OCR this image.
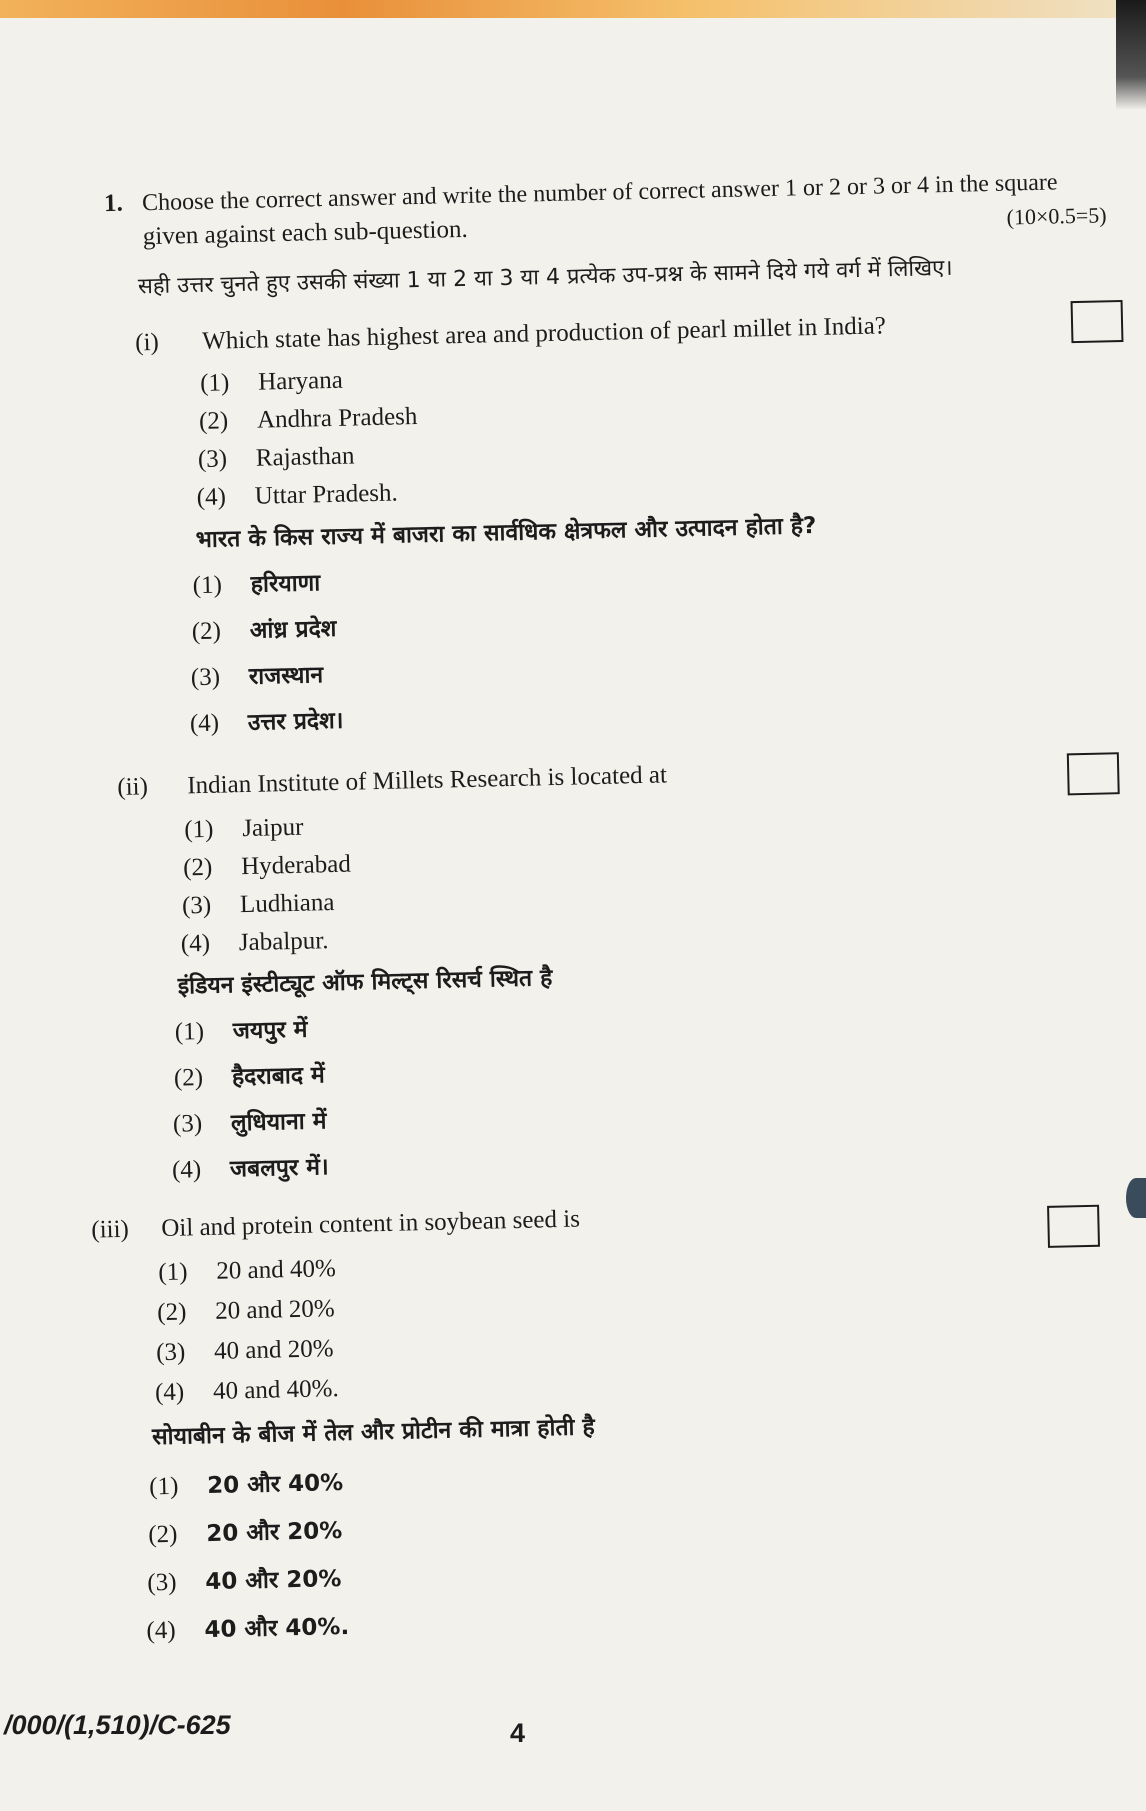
1. Choose the correct answer and write the number of correct answer 1 or 2 or 3 or 4 in the square
given against each sub-question.	(10×0.5=5)
सही उत्तर चुनते हुए उसकी संख्या 1 या 2 या 3 या 4 प्रत्येक उप-प्रश्न के सामने दिये गये वर्ग में लिखिए।
(i) Which state has highest area and production of pearl millet in India?
(1) Haryana
(2) Andhra Pradesh
(3) Rajasthan
(4) Uttar Pradesh.
भारत के किस राज्य में बाजरा का सार्वधिक क्षेत्रफल और उत्पादन होता है?
(1) हरियाणा
(2) आंध्र प्रदेश
(3) राजस्थान
(4) उत्तर प्रदेश।
(ii) Indian Institute of Millets Research is located at
(1) Jaipur
(2) Hyderabad
(3) Ludhiana
(4) Jabalpur.
इंडियन इंस्टीट्यूट ऑफ मिल्ट्स रिसर्च स्थित है
(1) जयपुर में
(2) हैदराबाद में
(3) लुधियाना में
(4) जबलपुर में।
(iii) Oil and protein content in soybean seed is
(1) 20 and 40%
(2) 20 and 20%
(3) 40 and 20%
(4) 40 and 40%.
सोयाबीन के बीज में तेल और प्रोटीन की मात्रा होती है
(1) 20 और 40%
(2) 20 और 20%
(3) 40 और 20%
(4) 40 और 40%.
/000/(1,510)/C-625	4
